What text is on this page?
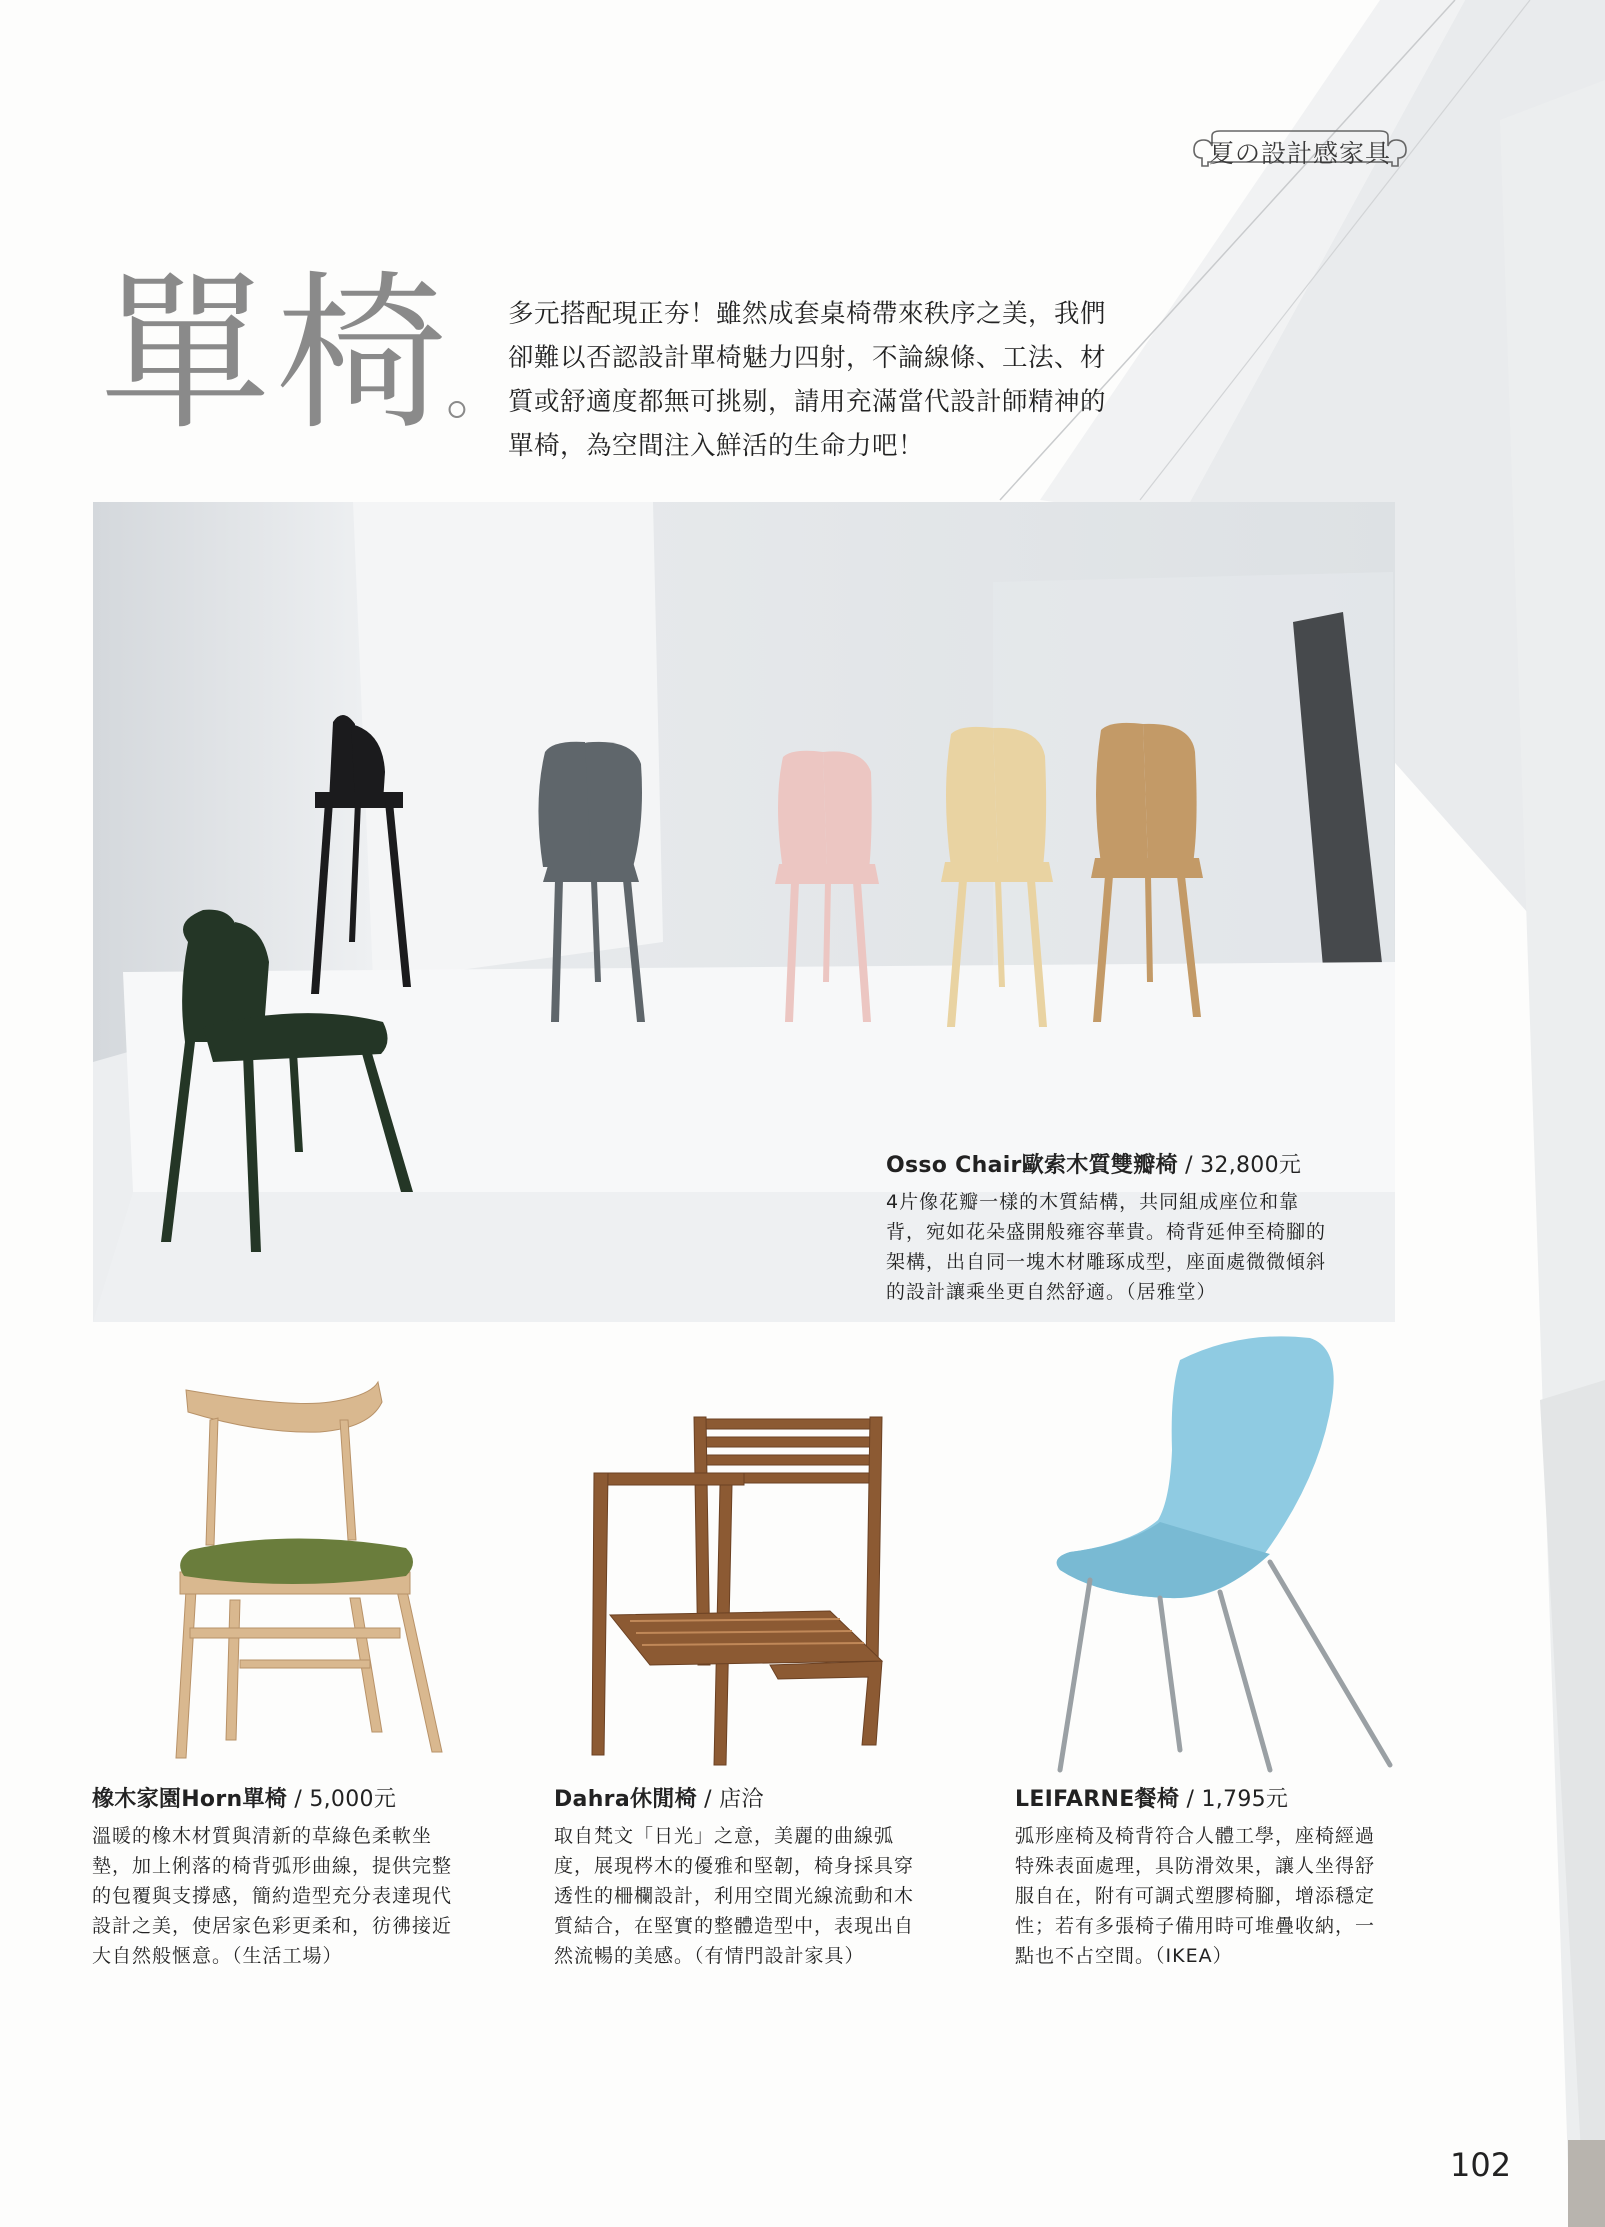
夏の設計感家具
單椅。

多元搭配現正夯！雖然成套桌椅帶來秩序之美，我們

卻難以否認設計單椅魅力四射，不論線條、工法、材

質或舒適度都無可挑剔，請用充滿當代設計師精神的

單椅，為空間注入鮮活的生命力吧！

Osso Chair歐索木質雙瓣椅 / 32,800元

4片像花瓣一樣的木質結構，共同組成座位和靠

背，宛如花朵盛開般雍容華貴。椅背延伸至椅腳的

架構，出自同一塊木材雕琢成型，座面處微微傾斜

的設計讓乘坐更自然舒適。（居雅堂）

橡木家園Horn單椅 / 5,000元

溫暖的橡木材質與清新的草綠色柔軟坐

墊，加上俐落的椅背弧形曲線，提供完整

的包覆與支撐感，簡約造型充分表達現代

設計之美，使居家色彩更柔和，彷彿接近

大自然般愜意。（生活工場）

Dahra休閒椅 / 店洽

取自梵文「日光」之意，美麗的曲線弧

度，展現梣木的優雅和堅韌，椅身採具穿

透性的柵欄設計，利用空間光線流動和木

質結合，在堅實的整體造型中，表現出自

然流暢的美感。（有情門設計家具）

LEIFARNE餐椅 / 1,795元

弧形座椅及椅背符合人體工學，座椅經過

特殊表面處理，具防滑效果，讓人坐得舒

服自在，附有可調式塑膠椅腳，增添穩定

性；若有多張椅子備用時可堆疊收納，一

點也不占空間。（IKEA）

102
